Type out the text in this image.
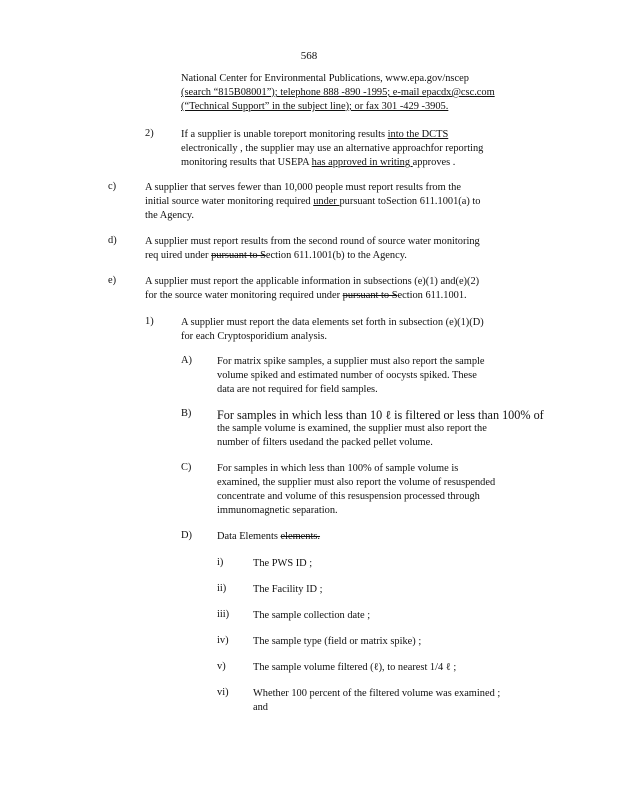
568
National Center for Environmental Publications, www.epa.gov/nscep
(search “815B08001”); telephone 888 -890 -1995; e-mail epacdx@csc.com
(“Technical Support” in the subject line); or fax 301 -429 -3905.
2)	If a supplier is unable toreport monitoring results into the DCTS
electronically , the supplier may use an alternative approachfor reporting
monitoring results that USEPA has approved in writing approves .
c)	A supplier that serves fewer than 10,000 people must report results from the
initial source water monitoring required under pursuant toSection 611.1001(a) to
the Agency.
d)	A supplier must report results from the second round of source water monitoring
req uired under pursuant to Section 611.1001(b) to the Agency.
e)	A supplier must report the applicable information in subsections (e)(1) and(e)(2)
for the source water monitoring required under pursuant to Section 611.1001.
1)	A supplier must report the data elements set forth in subsection (e)(1)(D)
for each Cryptosporidium analysis.
A) For matrix spike samples, a supplier must also report the sample
volume spiked and estimated number of oocysts spiked. These
data are not required for field samples.
B) For samples in which less than 10 ℓ is filtered or less than 100% of
the sample volume is examined, the supplier must also report the
number of filters usedand the packed pellet volume.
C) For samples in which less than 100% of sample volume is
examined, the supplier must also report the volume of resuspended
concentrate and volume of this resuspension processed through
immunomagnetic separation.
D) Data Elements elements.
i)	The PWS ID ;
ii)	The Facility ID ;
iii) The sample collection date ;
iv) The sample type (field or matrix spike) ;
v)	The sample volume filtered (ℓ), to nearest 1/4 ℓ ;
vi) Whether 100 percent of the filtered volume was examined ;
and
